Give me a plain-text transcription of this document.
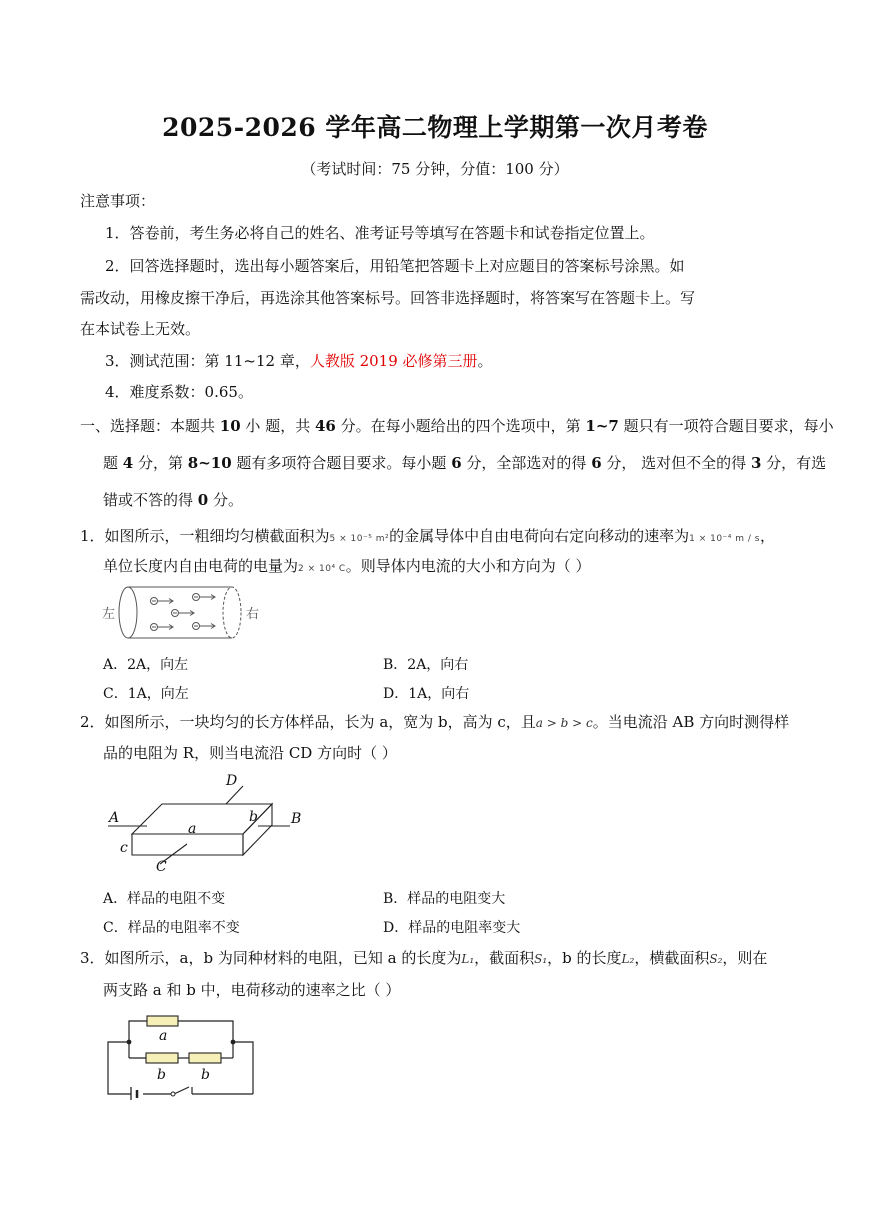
2025-2026 学年高二物理上学期第一次月考卷
（考试时间：75 分钟，分值：100 分）
注意事项：
1．答卷前，考生务必将自己的姓名、准考证号等填写在答题卡和试卷指定位置上。
2．回答选择题时，选出每小题答案后，用铅笔把答题卡上对应题目的答案标号涂黑。如
需改动，用橡皮擦干净后，再选涂其他答案标号。回答非选择题时，将答案写在答题卡上。写
在本试卷上无效。
3．测试范围：第 11~12 章，人教版 2019 必修第三册。
4．难度系数：0.65。
一、选择题：本题共 10 小 题，共 46 分。在每小题给出的四个选项中，第 1~7 题只有一项符合题目要求，每小
题 4 分，第 8~10 题有多项符合题目要求。每小题 6 分，全部选对的得 6 分， 选对但不全的得 3 分，有选
错或不答的得 0 分。
1．如图所示，一粗细均匀横截面积为5 × 10⁻⁵ m²的金属导体中自由电荷向右定向移动的速率为1 × 10⁻⁴ m / s，
单位长度内自由电荷的电量为2 × 10⁴ C。则导体内电流的大小和方向为（ ）
左	右
A．2A，向左	B．2A，向右
C．1A，向左	D．1A，向右
2．如图所示，一块均匀的长方体样品，长为 a，宽为 b，高为 c，且a > b > c。当电流沿 AB 方向时测得样
品的电阻为 R，则当电流沿 CD 方向时（ ）
A	B
C
D
a
b
c
A．样品的电阻不变	B．样品的电阻变大
C．样品的电阻率不变	D．样品的电阻率变大
3．如图所示，a，b 为同种材料的电阻，已知 a 的长度为L₁，截面积S₁，b 的长度L₂，横截面积S₂，则在
两支路 a 和 b 中，电荷移动的速率之比（ ）
a
b	b
